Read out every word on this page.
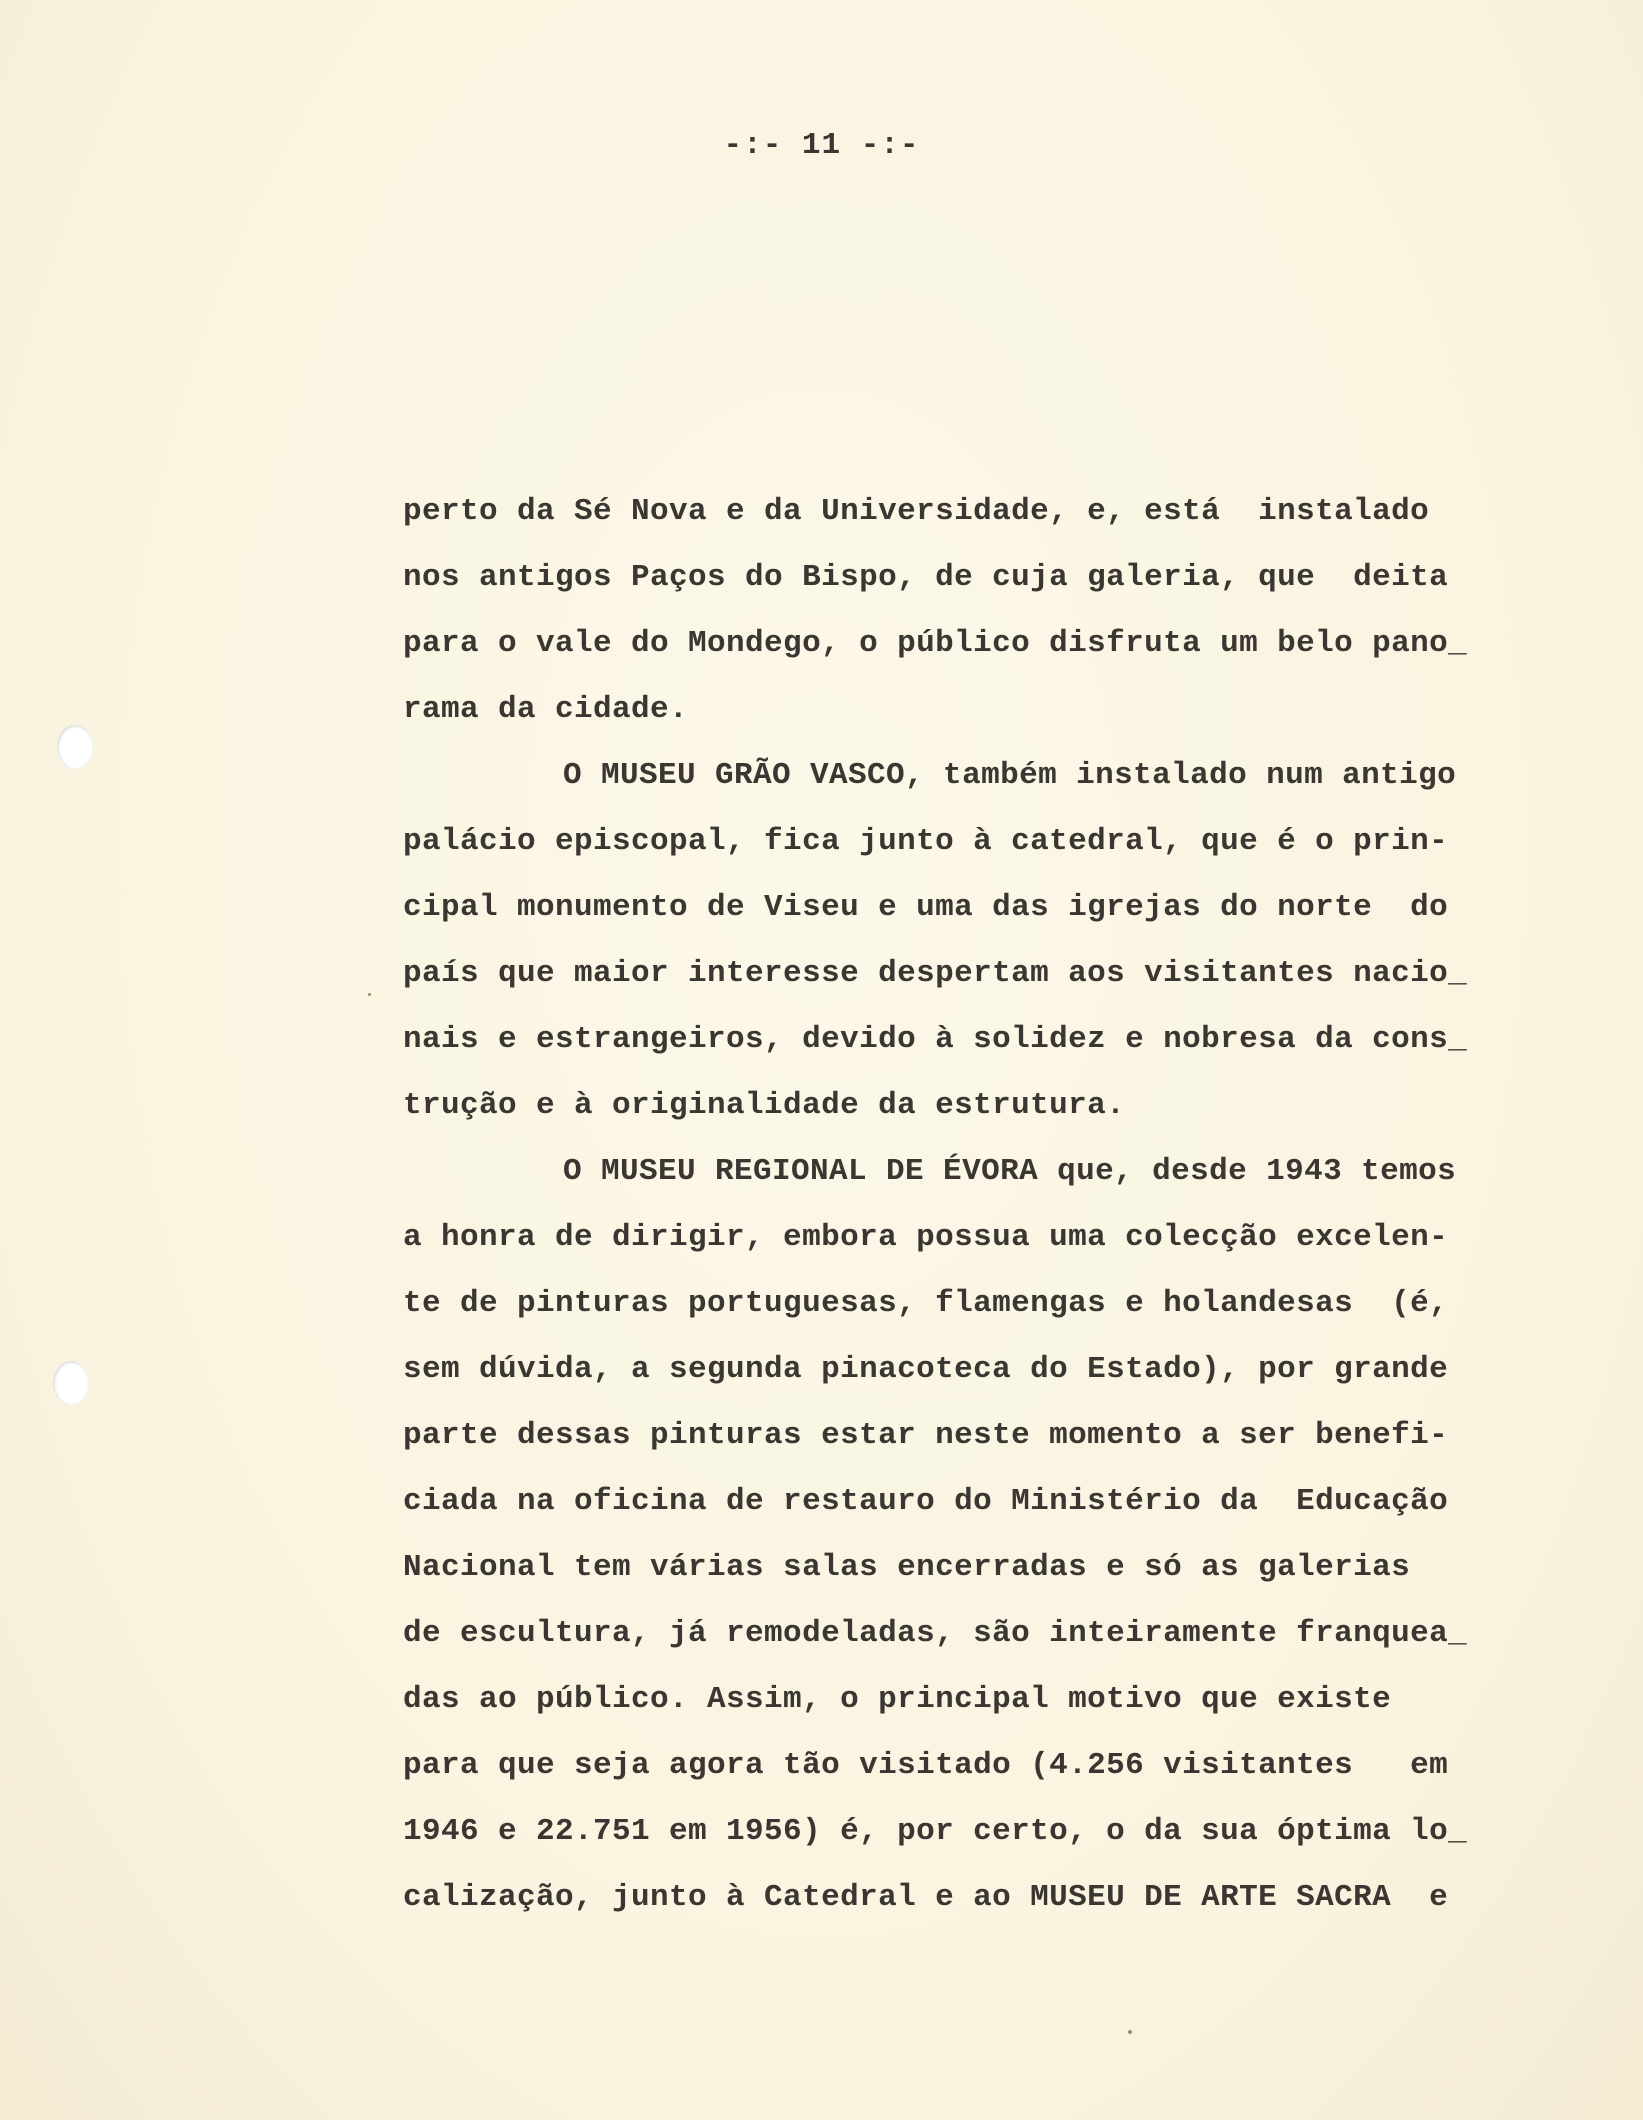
-:- 11 -:-
perto da Sé Nova e da Universidade, e, está  instalado
nos antigos Paços do Bispo, de cuja galeria, que  deita
para o vale do Mondego, o público disfruta um belo pano_
rama da cidade.
O MUSEU GRÃO VASCO, também instalado num antigo
palácio episcopal, fica junto à catedral, que é o prin-
cipal monumento de Viseu e uma das igrejas do norte  do
país que maior interesse despertam aos visitantes nacio_
nais e estrangeiros, devido à solidez e nobresa da cons_
trução e à originalidade da estrutura.
O MUSEU REGIONAL DE ÉVORA que, desde 1943 temos
a honra de dirigir, embora possua uma colecção excelen-
te de pinturas portuguesas, flamengas e holandesas  (é,
sem dúvida, a segunda pinacoteca do Estado), por grande
parte dessas pinturas estar neste momento a ser benefi-
ciada na oficina de restauro do Ministério da  Educação
Nacional tem várias salas encerradas e só as galerias
de escultura, já remodeladas, são inteiramente franquea_
das ao público. Assim, o principal motivo que existe
para que seja agora tão visitado (4.256 visitantes   em
1946 e 22.751 em 1956) é, por certo, o da sua óptima lo_
calização, junto à Catedral e ao MUSEU DE ARTE SACRA  e
